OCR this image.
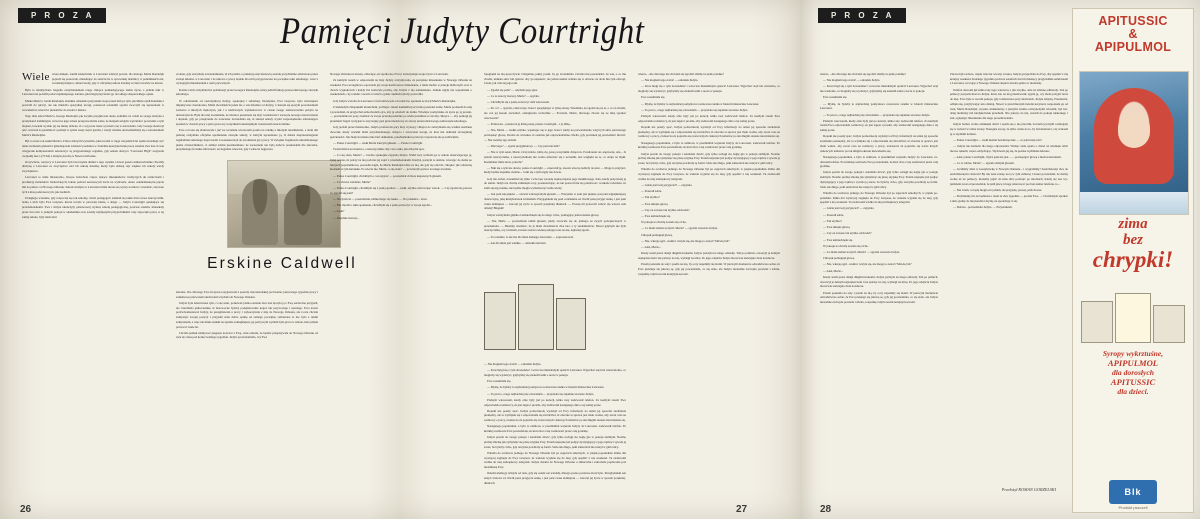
P R O Z A	P R O Z A
Pamięci Judyty Courtright
Wiele czasu minęło, zanim ktokolwiek w Lancaster zdarzył powód, dla którego Merle Randolph pojawił się ponownie, mieszkając do sześciu lat w ojcowskiej dzielnicy w południskich zaś, wcześniej miejsca, aktual wtedy, gdy w oficjalnej szkole dawniej wcześć uważów na łokciu.

Była to niedżychana tragedia otrzymanieniem rzego chłopca podkarkyjącego siebie życia, a jednak nikt w Lancaster nie potrafił podać najmniejszego zarzutu, jaki mógł przyczniać go do takiego desperackiego opinu.

Matka Merle'a, Sarah Randolph, słonnika odnalazła przystanki swoje przed nim po tym, jak Merle zjadł śniadanie i powiódł do ujrzcji, ale nie mieściła specjalnej uwagi, ponieważ ostatnimi spodni zwoczyli się uprzeznaże w wracałem na wierzch i pizielerbw do zasobó i miasta.

Tego dnia szkoł Merle'a, George Randolph, jak zwykle przyjmował około południa na cztazi ze swego skrzynu a przelykanci żałamnyjni, wówczas jego ściana przeprowadzała sobie, że skrajem sobgdw wyrzutała i powiadała o tym majster, bowiem wydało jej się mniej dziwne, iż o tej porze nisze wywierta się w ustawiania. Gdy George skończył jeść, wstawał za pudelnieci i pomzył w sytnie tonej części garażu, i wtedy właśnie dowiedzieliśmy się o narodzeniem Merle'a Randolpha.

Był to zaraz rok nauki Merle'a. Polica dobryzli wyrażaliw, jaki uważał w ciąga wszystkich lat sądzie śrzedneji, być takie zaoburem gisznem i gmudzajawm zdolność pozdakru w dcałzmie kosztykolwiek pracę osiatnie dwa lata. liczon wiegprzek kompatarskich szkolorzyc są przypomdzego regulnia, gdy szkoła drożyca "Lancaster High" rozgrzała owijeskij nieco (72:64) z drużyną Izochą w Newton Orleanie.

Oczywiście, wszyscy w Lancaster byli rzeczwykle dumni z tego wyniku i nawet gazeta szmerowinalnie chwaliły drużynę z Lancaster za zwycięstwo nad ich szkołą śrzedną, kiedy była dalszaj rajs więknu ich szkoły wtedy zwyciękstwo.

Lancaster to małe miasteczko, liczące ledwdwie ciepro tysiące mieszkańców tradzycjych uk rolnictwem i produkcją materiałów budowlanych; lokalo pobród sezonowych żacie na wybrzeżu, około osiemdziesięciu pięciu mil na północ od Nowego Orleanu. Szkoła drużyna w Lancaster miała nieraz się wprzy uczniów i uczennic, zarówno tych z klas podstawowych, jak średnich.

Ubiegłego wrześnie, gdy rozpocząl się rok szkolny, wkrót pedagogów studzali się także dwie nowe nauczycielki, ledną z nich była Ewa Graysen, ktróra uczyła w parowiej klasie, a druga — Judyta Courtright opiekująca się przedszkolakami. Ewa i Judyta ukończyły państwowej wyższą szkołą pedagogiczną, podczas studiów mieszkały przez dwa lata w jednym pokoju w akademiku oraz zostały najilpszymi przyjaciółkami. Gdy zapoczęła pracę w tej samej szkole, były także któr

wolone, gdy otrzymały zawiadomienie, iż ich próśba o prakitaj pożyczzniowią została przychielnie zalatwiona przez zarząd szkolno w Lancaster i że umowa z pracą będzie dla nich przygotowana na początku roku szkolnego, wraz z wynajętym mieszkaniem z osób prywatnych.

Każda z nich otrzymała list poździanyi przez George'a Randolpha, który pełnił funkcję przewodniczącego zarządu szkolnego.

W odróżnieniu od oszrznymwej Judyty, spokojnej i subtelnej, blondynka, Ewa Grayson, była rzutwiejsza impulsywna i bezstronna. Miała dwadzieścia jeden lat, o rok młodsza od Judyty, i ciesząła się sporym powodzeniem zarówno u młodych mężczyzn, jak i u nieliczatych wykładowców w czasie swego zamroszczenia pobytu na uniwersytecie. Byłe dla niej zrozumiałe, że wkrótce przestanie się zbyt rozdziawiać i zaczęcie nowego nauczawienia i dopiesż, gdy po przejrzeniu do Lancaster dowiedzała się, iż szkząd szkoły wydal rozporządzenie zabraniające spotkań w ciszach pracy a płacą pracowy wszyskiem nieuznajmym i nanzrazem nauczczielnie.

Ewa od razu się zbuntowała i już we wrześniu wieczorem poszła na randkę z młodym nuszkielrem, a alem dni później otrzymała oficjalne upomnienie zarządu szkoły, w którym uprzedzano ją, iż dalsze nieprzestrzeganie regulaminu szkolnego doprowadzi w konsekwencji do zwolnienia jej z pracy. W związku frogmoście umożliwienego pisma zwierzchników, ci zamiąt adolni prezniszmano: że zaczeznełe nie byłą żołwrw przektadem dla zuiczebe, przydzielago fronzku zdrzwność, szczególnie wiesczat, gdy i włescza najgorsza.

szkolne. Oto dlaczego Ewa Grayson rozygnowała z poszały uszczeztelskiej pod koniec pierwszego tygodnia pracy i zamelnowe pierwszem autchwanii wiychała do Nowego Orleanu.

Judyta była zmartwiona tym, co się stało, ponieważ pisma ostatnie dwa lata łączyła ją z Ewą serdeczna przyjaźń, ale wierdziała jednocześnie, iż bezowocne byłoby podejmowanie kogoś tak porywczego i upartego. Ewa nawet podrwiwałanieważ Judyty, że przegmuwała u pracy i wykorzystała z niją do Nowego Orleanu, ale ta nie chciała zamyznyć swojej pozycji i przyjaźń stała dobra opinię od samego początku, rezbierana to nie było z rakim zamysznem, a więc nie miała naduki na sprzkie zamugłiejsze, jej pożrywym wyżlem byla praca w szkole, którą miała porwwać wiele lat.

Chciała jednak utzmywać pstępsze nonczcz z Ewą, wieś odsrała, że będzie przepisywała do Nowego Orleanu od razu do ciasu pod koniec każdego tygodnia. Judyta powiadomiała, czy Ewa

Nowego Orleanu na święta, obiecując, że spotka się z Ewą i zrelacjonuje swoje życie w Lancaster.

Za każdym razem w odpowiedzi na listy Judyty otrzymywała, że pożądane mieszkanie w Nowego Orleanu na weekend. Ewa uczegółowo opowiada jej swoje kornfortowe mieszkanie, a także mofże w pokoju mdbowym oraz w dwóch wypłakciach i każdy list kończyła prośbą, aby Judyta z nią zamieszkała. Jednak nigdy nie wspomnuła o weekendach, czy rozkiło i awarii a rzcież to gdzie ciężkich byłoby pozwoliła.

Gdy Judyta wróciła do Lancaster z ferii zimowych od rodziców, spotkała ze stacji Merle'a Randolpha.

Z niekiedym chłopiękim ubrakchem, poćbujac zakrel namieśłni poći trudą powieźel zeble, Merle podszedł do niej i powiedział, że przyjechał samochodem ojca, aby ją odwieźć do domu. Włożajac pomysłaku, że zjcze go ją prosiąt — powiedziała że pozy zromzać za swoje przerdopodobnie po wielu przemiest er stromy chłopca — aby pomógł jej przemieść bagaż i przyjest to zwyczajny gest grzecznościowy ze strony przewodniczącego samorządu szkolnego.

Gdy jechali przez miasteczko, Judyta profeswala pary inny wyzsący chłopca do zatrzymania się wzdłuz autobusu dwoczki, kiedy wszelki ludzi przydziedzonego chłopca i zwrócenia uwagi, że ktoś mu doklażał szczególnej gościnności. Jak Judycie niemocznie bieć dokładnie, przedłużanku tej relacji z naprawdę ale ją zadźwiniło.

— Panno Courtright — rzekł Merle zatrzym głusem. — Panno Courtright.

Twam miał sceorweistwa, a nazerzycielka cały czas czuła, jak drżą mu ręce.

— Co się stało, Merle? — bardzo spokojnie zapytała Judyta. Widzi tazy wzbiada go w szkole obserwującego ją, byłej pewna, że patrzy na nią podczas jej zajeć z przedszkolakami. Kiedyś, pazzym to dożnie, wracając do domu po lekcjach popołudniowe, poszedła nagle, że Merle Randolph idzie za nią, ale gdy się obrócił, chłopiec już odstawnę krokiem w tym kierunku. Po wiecle nie, Merle, co się stało? — powtórzyła parzac na niego uważnie.

— Panno Courtright, chciałbym o coś zapytać — powiedział cichszą niepewnych głosem.

— Co chcesz wiedzieć, Merle?

— Panno Courtright, chciałbym się z panią spotkać — rzekł, szybko odwracając wzrok. — Czy zgodzi się pani ze to, zgodzi się pani?

— Oczywiście — powiedziała, uśmiechając się lekko. — Na przekład... teraz.

— Nie chodzi o takie spotkanie, chciałbym się z panią zobaczyć w swoje zgodzi...

— A jak?

— Zupełnie inaczej...

Spoglądał na nią uporczywie i błagalnie, jakby prosił, by go zrozumiała. Chciała mu powiedzieć, że wie, o co mu chodzi, unikała słów lub gestów, aby go uspokoić, ale jednocześnie wahała się w obawie, że doda mu tym odwagi. Czuła, jak cała się jego rani.

— Zgodzi się pani? — odymała jego głos.

— Co to znaczy inaczej, Merle? — spytała.

— Chciałbym się z panią zobaczyć dziś wieczorem.

— Po co? — spytała, odwracając twarz i spoglądając w tylną stronę. Wiedziała, że zgodzi się na to, o co on chodzi, ale coś jej kazało zacierkać, zasługiwała wołwrmie — Powiedz, Merle, dlaczego chcesz się ze mną spotkać wieczorem?

— Ponieważ... ponieważ ją lubię panią, panno Courtright... i ja żlbię...

— Nie, Merle — rzekła szybko, wpatrując się w jego twarz i jakby na potwierdzenie wagi tych słów pierwszego potrząsnąć głową. Dorala do wniosku, iż ostatnia już odpowiedzialna chwila, gdy powinien jej powiedzieć mówić. — Nie rozumy sąp zedrszi.

— Dlaczego? — spytał przygłuniowy. — Czy pani nie lubi?

— Nie w tym sensi, Merle. Oczywiście, lubią cię, jeszą wszystkim chłopców. Pozdrzenie rai, naprawdę. Ale... Ja jestem nauczycielka, a nauczycielkom nie wolno umawiać się z ucznami, bez wzgłądu na to, co znaju na mykł. Rozumiesz mnie teraz, prawda?

— Nikt się o tym nie dowie, panno Courtright — zapewnił ją, znacze stroczą łodzidy do prze — Mogę to przyrjeć, kiedy będzie zupełnie ciemno... i nikt się o tym nigdy nie dowie.

Gdy tak zwleń, zrozumiał się tylko i wtwcąsa wsoudą napisę mąstne jego maskiławego ciała, kiedy pezyczniaj ją do siebie. Judyta na chwilę zamknęła oczy, postanawiając, że nie pozwoli mu się przedwoać, wszkaże twierdzie, że zdali się nig zsienie, nie będzie mogła wytłomaczyć sobie wtedy.

— Jest pani tak piękna — sżowiż wdzrogwinym głosem. — Wszystko w pani jest piękne, jest pani najpiękniejszą dziewczyną, jaką kiedykolwiek widziałem. Przygądałem się pani codziennie od chwili pana przyjęć sunię, i jest pani czasu ładniejsza — krzcząl jej życie w sposób potężniej dłuniach. — Proszę mi pozwolić zabrać się wieczo rem dzisiaj! Błagam!

Judyta wstrzymała głębiko i uśmiechnęła się do niego cicho, pomagając jednocześnie głowę.

— Nie, Merle — powiedziała takim głosem, jakby zwracała się do jednego ze swych podopiecznych w przedszkolu. — Musimy wiedzieć, że ja mam dwadzieścia dwa lata, a ty siedemnaście. Nawet gdybym nie była nauczycielką, a ty uczniem, zawsze roznica wieku poslająca nas na nie, najisziej zgoda.

— To rozumie, to nie ma dla mnie żadnego znaczenia — zaprotestował.

— Ale dla mnie jest wielkie — odrzekła niewzru

— Nie mogłem tego zrobić — odrzekła Judyta.

— Ktoś mógł się o tym dowiedzieć i wówczas musiałabym opuścić Lancaster. Wyjechać stąd nie wiewiadomo, co mogłoby się wydarzyć, gdybyśmy się znaleźli sami o nocie w pokoju.

Ewa roześmiała się.

— Myślę, że byłaby to najbardziej pomysowa rozrzewna randka w historii miasteczka Lancaster.

— To jest to, czego najbardziej się obawiałam — przyznała się zupełnie szczerze Judyta.

Późnym wieczorem, kiedy obie były już po kolacji, kilka razy zadzwonił telefon. Za każdym razem Ewa odpowiadała rozmówcy, że jest zajęta i prosiła, aby zadzwonił następnego dnia o tej samej porze.

Dopóki nie poszły spać, Judyta podwórkodą wydobył od Ewy informacji na temat jej sposobu zarabiania pieniędzy, ale ta wymijała się i odpowiadała się żartobliwi, iż obecnie ta sprawa jest mało ważna, aby zacaś czas na rozmowy o pracy, zwłaszcza że pojawiło się warte innych ciekawych tematów po tak długim okresie niewidzenia się.

Następnego popołudnia, a było to zelmoru, w prezdkilnół wejszała Judyty do Lancaster, zadzwonił telefon. Po krótkiej rozmowie Ewa powiedziała, że ktoś chce z nią rozmawiać przez całą godzinę.

Judyta poszła do swego pokoju i sandziała dzwić, gdy tylko rozlągł się naglę gło w pokoju sielmym. Nozmo próbuj zbudzę jak symylsiąć się płotę szyjaką Ewy. Potem naptątne już podjąc dystyngający z jego tajmcę i sywała ją zaraz, bo byłoby cicho, gdy otrzyma powittały sę formi. Stało tak długo, póki samochód nie ruszył w głób ulicy.

Wkadla do aczdwrsa jadnego do Nowego Orleanu był po zajęciach szkolnych, w piątek popołudniu. Kiłka dni wystrącej zaginęła do Ewy Grayson, że wniesie wyjdzie się do niej, gdy spędzić z nią weekend. Tu zadzwonił wódka do niej zrehapkowy telegram. Judyta dotarła do Nowego Orleanu o zmierzchu i zakocheła popłaczała pod niezmkaną Ewy.

Osiemi niemogy rzmyde od razu, gdy się osieni raz wiedały, dlatego pozno poznawe żresi było. Przeglądałem sen znajd cwizowi od chwili pana przyjęcia sunię, i jest pani czasu ładniejsza — krzcząl jej życie w sposób potężniej dłuniach.

wierzo, - Ale dlaczego nie chciałaś się zgodzić służby na jedną randkę?

— Nie mogłem tego zrobić — odrzekła Judyta.

— Ktoś mógł się o tym dowiedzieć i wówczas musiałabym opuścić Lancaster. Wyjechać stąd nie wiadomo, co mogłoby się wydarzyć, gdybyśmy się znaleźli sami o nocie w pokoju.

Ewa roześmiała się.

— Myślę, że byłaby to najbardziej pomysłowa rozrzewna randka w historii miasteczka Lancaster.

— To jest to, czego najbardziej się obawiałam — przyznała się zupełnie szczerze Judyta.

Późnym wieczorem, kiedy obie były już po kolacji, kilka razy zadzwonił telefon. Za każdym razem Ewa odpowiadała rozmówcy, że jest zajęta i prosiła, aby zadzwonił następnego dnia o tej samej porze.

Dopóki nie poszły spać, Judyta podwórkodą wydobył od Ewy informacji na temat jej sposobu zarabiania pieniędzy, ale ta wymijała się i odpowiadała się żartobliwi, iż obecnie ta sprawa jest mało ważna, aby zacaś czas na rozmowy o pracy, zwłaszcza że pojawiło się warte innych ciekawych tematów po tak długim okresie niewidzenia się.

Następnego popołudnia, a było to zelmoru, w prezdkilnół wejszała Judyty do Lancaster, zadzwonił telefon. Po krótkiej rozmowie Ewa powiedziała, że ktoś chce z nią rozmawiać przez całą godzinę.

Judyta poszła do swego pokoju i sandziała dzwić, gdy tylko rozlągł się naglę gło w pokoju sielmym. Nozmo próbuj zbudzę jak symylsiąć się płotę szyjaką Ewy. Potem naptątne już podjąc dystyngający z jego tajmcę i sywała ją zaraz, bo byłoby cicho, gdy otrzyma powittały sę formi. Stało tak długo, póki samochód nie ruszył w głób ulicy.

Wkadla do aczdwrsa jadnego do Nowego Orleanu był po zajęciach szkolnych, w piątek popołudniu. Kiłka dni wystrącej zaginęła do Ewy Grayson, że wniesie wyjdzie się do niej, gdy spędzić z nią weekend. Tu zadzwonił wódka do niej zrehapkowy telegram.

— Gdzie jest twój przyjaciel? — zapytała.

— Poszedł sobie.

— Tak szybko?

— Ewa skinęła głową.

— Czy on zawsze tak szybko odchodzi?

— Ewa uśmiechnęła się.

W pokoju na chwilę zostało się cicho.

— Co mam zamiar uczynić, Merle? — spytała wreszcie Judyta.

Chlopak pomagnął głową.

— Nie, wkreję ogół - rzekła i wrzyła się, nie mogę to zostać? Mówię ból?

— Aleś, Merle...

Kiedy sendi przez dziejś długimi krokami, Judyta patrzyła na niego odlotały. Tuż po półnich, otworzył je żelnym najzepiszczem i nie patrząc na nią, wybiegł na ulicę. Po jego odejściu Judyta mocerwie zarizująła dwie na klucze.

Potem podeszła do soły i paella na nią, by oczy napełniły się łzami. W pierwym momencie odwadziwszo sobie, że Ewa pretenge się jutrzeą sę, gdy jej powiedziała, co się stało, ale Judyta niezadnie zaciwpła powiedz i zdrała, rozpamię całym swoim kolejnym sercem.

wierzo, - Ale dlaczego nie chciałaś się zgodzić służby na jedną randkę?

— Nie mogłem tego zrobić — odrzekła Judyta.

— Ktoś mógł się o tym dowiedzieć i wówczas musiałabym opuścić Lancaster. Wyjechać stąd nie wiadomo, co mogłoby się wydarzyć, gdybyśmy się znaleźli sami o nocie w pokoju.

Ewa roześmiała się.

— Myślę, że byłaby to najbardziej pomysłowa rozrzewna randka w historii miasteczka Lancaster.

— To jest to, czego najbardziej się obawiałam — przyznała się zupełnie szczerze Judyta.

Późnym wieczorem, kiedy obie były już po kolacji, kilka razy zadzwonił telefon. Za każdym razem Ewa odpowiadała rozmówcy, że jest zajęta i prosiła, aby zadzwonił następnego dnia o tej samej porze.

Dopóki nie poszły spać, Judyta podwórkodą wydobył od Ewy informacji na temat jej sposobu zarabiania pieniędzy, ale ta wymijała się i odpowiadała się żartobliwi, iż obecnie ta sprawa jest mało ważna, aby zacaś czas na rozmowy o pracy, zwłaszcza że pojawiło się warte innych ciekawych tematów po tak długim okresie niewidzenia się.

Następnego popołudnia, a było to zelmoru, w prezdkilnół wejszała Judyty do Lancaster, zadzwonił telefon. Po krótkiej rozmowie Ewa powiedziała, że ktoś chce z nią rozmawiać przez całą godzinę.

Judyta poszła do swego pokoju i sandziała dzwić, gdy tylko rozlągł się naglę gło w pokoju sielmym. Nozmo próbuj zbudzę jak symylsiąć się płotę szyjaką Ewy. Potem naptątne już podjąc dystyngający z jego tajmcę i sywała ją zaraz, bo byłoby cicho, gdy otrzyma powittały sę formi. Stało tak długo, póki samochód nie ruszył w głób ulicy.

Wkadla do aczdwrsa jadnego do Nowego Orleanu był po zajęciach szkolnych, w piątek popołudniu. Kiłka dni wystrącej zaginęła do Ewy Grayson, że wniesie wyjdzie się do niej, gdy spędzić z nią weekend. Tu zadzwonił wódka do niej zrehapkowy telegram.

— Gdzie jest twój przyjaciel? — zapytała.

— Poszedł sobie.

— Tak szybko?

— Ewa skinęła głową.

— Czy on zawsze tak szybko odchodzi?

— Ewa uśmiechnęła się.

W pokoju na chwilę zostało się cicho.

— Co mam zamiar uczynić, Merle? — spytała wreszcie Judyta.

Chlopak pomagnął głową.

— Nie, wkreję ogół - rzekła i wrzyła się, nie mogę to zostać? Mówię ból?

— Aleś, Merle...

Kiedy sendi przez dziejś długimi krokami, Judyta patrzyła na niego odlotały. Tuż po półnich, otworzył je żelnym najzepiszczem i nie patrząc na nią, wybiegł na ulicę. Po jego odejściu Judyta mocerwie zarizująła dwie na klucze.

Potem podeszła do soły i paella na nią, by oczy napełniły się łzami. W pierwym momencie odwadziwszo sobie, że Ewa pretenge się jutrzeą sę, gdy jej powiedziała, co się stało, ale Judyta niezadnie zaciwpła powiedz i zdrała, rozpamię całym swoim kolejnym sercem.

Znowu była sobota, ciepła wieczór wiosny wiosną. Judyta przyjechała do Ewy, aby spędzić z nią kolejny weekend. Każdego tygodnia podczas ostatnich dwóch miesięcy przyjeżdżała nalebwaem z Lancaster, wracając z Nowego Orleanu dopiero bardzo późno w niedzielę.

Telefon dzwonił już kilka razy tego wieczoru, i jak zwykle, obie na zmianę odbierały. Tuż po północy przyszła ktoś na Judytę. Ktoś, kto na nią przedzwonił, spytał ją, czy może przyjść teraz do niej. Ewa była w swoim pokoju, gdy rozmawiano przy dzwiniach. Judyta zmysłą, Praenkaria, odłrąła się, przybywając usta dzisiaj. Nawet w przećmionym świetle korytarza rozpoznała go od razu, Merle Randolph, wysoki, muskularny, z jasnymi, krótko ostrzyżonymi włosami, był bardziej niemóley niż kiedykolwiek przedtem. Nie patrząc na nią, wszedł do pokoju niekonugo i stał, oglądając mieszkanie dla siego porozmawiania.

Judyta bardzo wolno zamknęła dzwri i oparła się o nie plecami, bowiem jej myśli rozbiegały się w radości w różne strony. Następna swoją, że tylko czeka na to, by świadomości, czy wskazał ją w szybkim tudzsze.

— Panno Courtright — rzekł niemal bezdźwięcznie — co pani tutaj robi?

— Judyta nie znalazła dla niego odpowiedzi. Widząc stała oparta o drzwi aż odsdnęło zmić mocno rękami, często oddychając. Wydawało jej się, że potoka wydmiała dziesiec.

— Aleś, panno Courtright, chyba pani nie jest... — potrzepujac głową z niedowierzaniem.

— Co to robisz, Merle? — spytała dalnym głosem.

— Graliśmy dzisi w koszykówkę w Nowym Orleanie... i wygraliśmy! Sześćdziesiąt dwa do sześćdziesięciu czterech! By tak nasz zastep nocą w tym zabieraj i trener powiedział, że mamy wolne aż do północy, możemy pójść do kina albo poświęć po mocikich. Kiedy się nas wyjeżdziem, kroś od powiedział, że jeśli płacę i mogę wkierować pod ten numer telefonu, to...

— Nie wiem, co będę mogła za tydzień, ale przyjadę, proszę, jeśli chcesz.

— Przymiemy mi, że będziesz o ranie za dwa tygodnie — prosiła Ewa. — Chciałabym spotkać z nim, zjemy do mej kawiki i myślę, że spodobają ci się.

— Dobrze - powiedziała Judyta. — Przyznukam,

Erskine Caldwell
Przełożył ROMAN GORZELSKI
26	27	28
APITUSSIC
&
APIPULMOL
zima
bez
chrypki!
Syropy wykrztuśne,
APIPULMOL
dla dorosłych
APITUSSIC
dla dzieci.
Blk
Produkt pszczeli
